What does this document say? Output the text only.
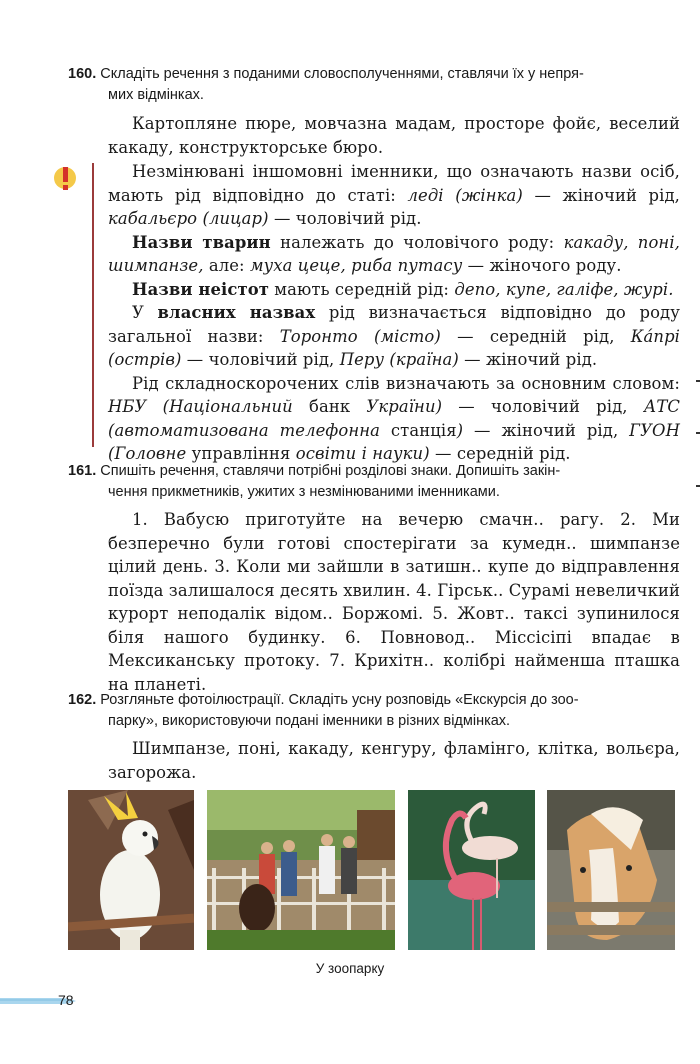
160. Складіть речення з поданими словосполученнями, ставлячи їх у непря-
мих відмінках.

Картопляне пюре, мовчазна мадам, просторе фойє, веселий какаду, конструкторське бюро.

Незмінювані іншомовні іменники, що означають назви осіб, мають рід відповідно до статі: леді (жінка) — жіночий рід, кабальєро (лицар) — чоловічий рід.

Назви тварин належать до чоловічого роду: какаду, поні, шимпанзе, але: муха цеце, риба путасу — жіночого роду.

Назви неістот мають середній рід: депо, купе, галіфе, журі.

У власних назвах рід визначається відповідно до роду загальної назви: Торонто (місто) — середній рід, Ка́прі (острів) — чоловічий рід, Перу (країна) — жіночий рід.

Рід складноскорочених слів визначають за основним словом: НБУ (Національний банк України) — чоловічий рід, АТС (автоматизована телефонна станція) — жіночий рід, ГУОН (Головне управління освіти і науки) — середній рід.

161. Спишіть речення, ставлячи потрібні розділові знаки. Допишіть закін-
чення прикметників, ужитих з незмінюваними іменниками.

1. Вабусю приготуйте на вечерю смачн.. рагу. 2. Ми безперечно були готові спостерігати за кумедн.. шимпанзе цілий день. 3. Коли ми зайшли в затишн.. купе до відправлення поїзда залишалося десять хвилин. 4. Гірськ.. Сурамі невеличкий курорт неподалік відом.. Боржомі. 5. Жовт.. таксі зупинилося біля нашого будинку. 6. Повновод.. Міссісіпі впадає в Мексиканську протоку. 7. Крихітн.. колібрі найменша пташка на планеті.

162. Розгляньте фотоілюстрації. Складіть усну розповідь «Екскурсія до зоо-
парку», використовуючи подані іменники в різних відмінках.

Шимпанзе, поні, какаду, кенгуру, фламінго, клітка, вольєра, загорожа.

У зоопарку
78
